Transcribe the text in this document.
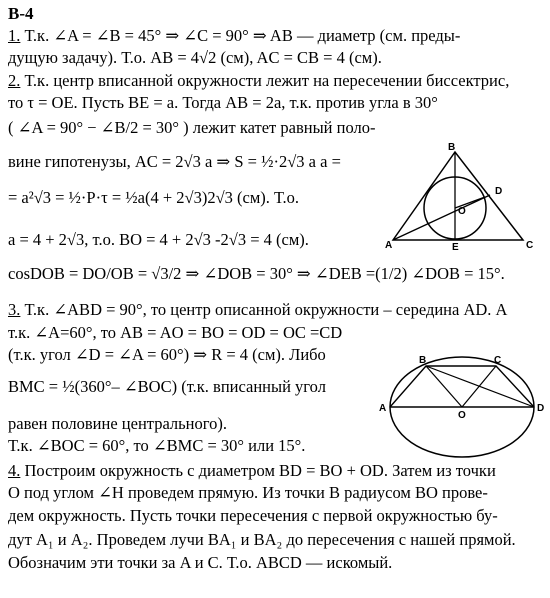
В-4
1. Т.к. ∠A = ∠B = 45° ⇒ ∠C = 90° ⇒ AB — диаметр (см. преды-
дущую задачу). Т.о. AB = 4√2 (см), AC = CB = 4 (см).
2. Т.к. центр вписанной окружности лежит на пересечении биссектрис,
то τ = OE. Пусть BE = a. Тогда AB = 2a, т.к. против угла в 30°
( ∠A = 90° − ∠B/2 = 30° ) лежит катет равный поло-
вине гипотенузы, AC = 2√3 a ⇒ S = ½·2√3 a a =
= a²√3 = ½·P·τ = ½a(4 + 2√3)2√3 (см). Т.о.
a = 4 + 2√3, т.о. BO = 4 + 2√3 -2√3 = 4 (см).
cosDOB = DO/OB = √3/2 ⇒ ∠DOB = 30° ⇒ ∠DEB =(1/2) ∠DOB = 15°.
3. Т.к. ∠ABD = 90°, то центр описанной окружности – середина AD. А
т.к. ∠A=60°, то AB = AO = BO = OD = OC =CD
(т.к. угол ∠D = ∠A = 60°) ⇒ R = 4 (см). Либо
BMC = ½(360°– ∠BOC) (т.к. вписанный угол
равен половине центрального).
Т.к. ∠BOC = 60°, то ∠BMC = 30° или 15°.
4. Построим окружность с диаметром BD = BO + OD. Затем из точки
O под углом ∠H проведем прямую. Из точки B радиусом BO прове-
дем окружность. Пусть точки пересечения с первой окружностью бу-
дут A₁ и A₂. Проведем лучи BA₁ и BA₂ до пересечения с нашей прямой.
Обозначим эти точки за A и C. Т.о. ABCD — искомый.
B
D
O
A	E	C
B	C
A
O
D
